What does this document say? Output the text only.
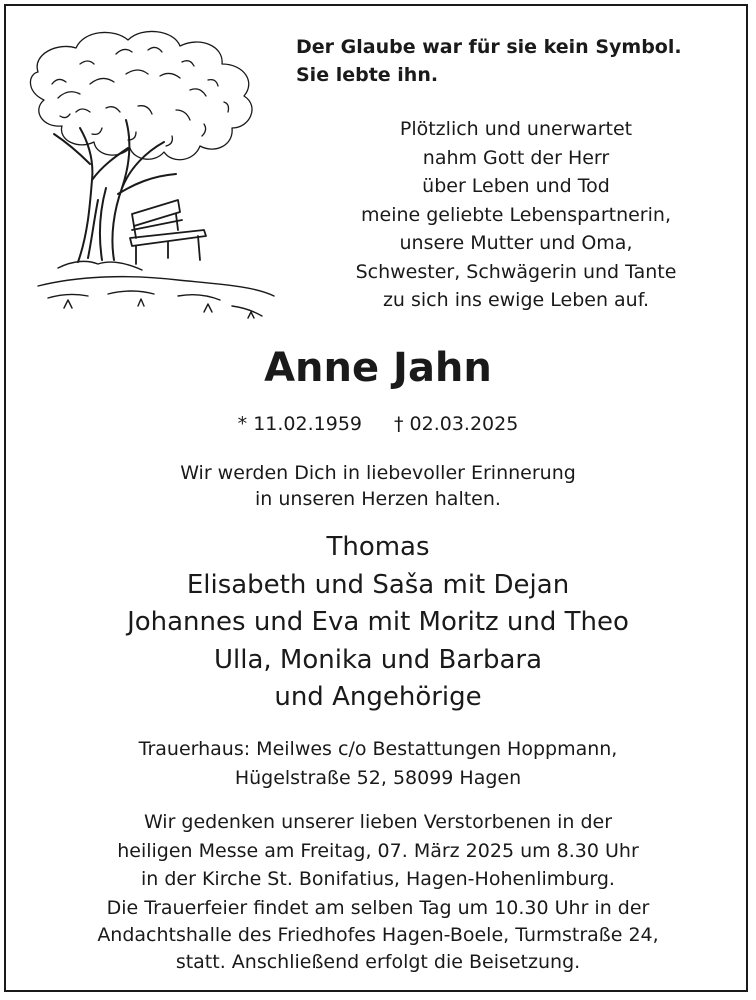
Der Glaube war für sie kein Symbol.
Sie lebte ihn.
Plötzlich und unerwartet
nahm Gott der Herr
über Leben und Tod
meine geliebte Lebenspartnerin,
unsere Mutter und Oma,
Schwester, Schwägerin und Tante
zu sich ins ewige Leben auf.
Anne Jahn
* 11.02.1959 † 02.03.2025
Wir werden Dich in liebevoller Erinnerung
in unseren Herzen halten.
Thomas
Elisabeth und Saša mit Dejan
Johannes und Eva mit Moritz und Theo
Ulla, Monika und Barbara
und Angehörige
Trauerhaus: Meilwes c/o Bestattungen Hoppmann,
Hügelstraße 52, 58099 Hagen
Wir gedenken unserer lieben Verstorbenen in der
heiligen Messe am Freitag, 07. März 2025 um 8.30 Uhr
in der Kirche St. Bonifatius, Hagen-Hohenlimburg.
Die Trauerfeier findet am selben Tag um 10.30 Uhr in der
Andachtshalle des Friedhofes Hagen-Boele, Turmstraße 24,
statt. Anschließend erfolgt die Beisetzung.
